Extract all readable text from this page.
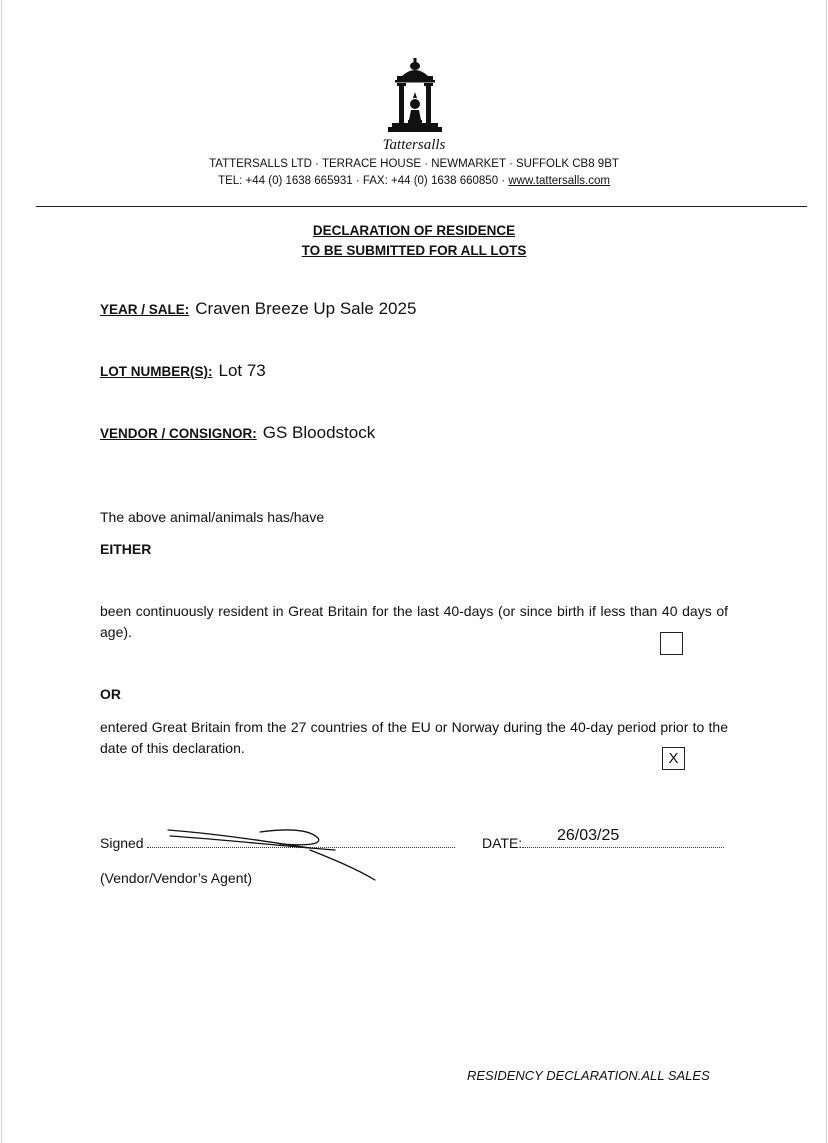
Tattersalls
TATTERSALLS LTD · TERRACE HOUSE · NEWMARKET · SUFFOLK CB8 9BT
TEL: +44 (0) 1638 665931 · FAX: +44 (0) 1638 660850 · www.tattersalls.com
DECLARATION OF RESIDENCE
TO BE SUBMITTED FOR ALL LOTS
YEAR / SALE: Craven Breeze Up Sale 2025
LOT NUMBER(S): Lot 73
VENDOR / CONSIGNOR: GS Bloodstock
The above animal/animals has/have
EITHER
been continuously resident in Great Britain for the last 40-days (or since birth if less than 40 days of age).
OR
entered Great Britain from the 27 countries of the EU or Norway during the 40-day period prior to the date of this declaration.
X
Signed	DATE:	26/03/25
(Vendor/Vendor’s Agent)
RESIDENCY DECLARATION.ALL SALES
